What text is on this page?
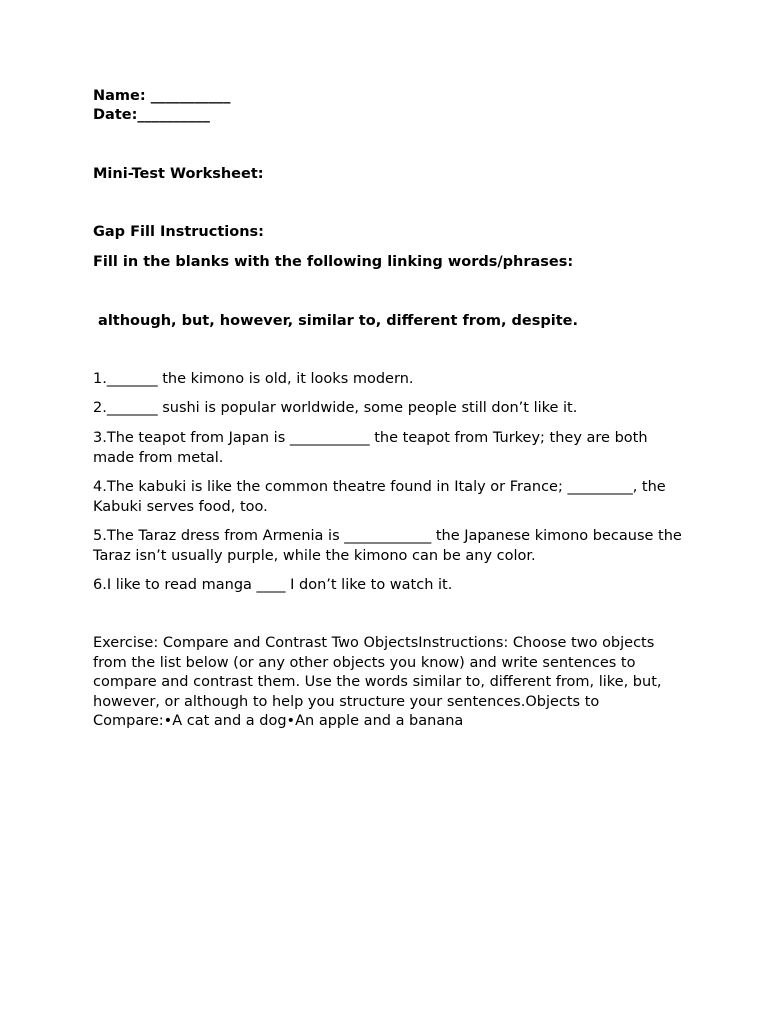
Name: ___________
Date:__________
Mini-Test Worksheet:
Gap Fill Instructions:
Fill in the blanks with the following linking words/phrases:
although, but, however, similar to, different from, despite.
1._______ the kimono is old, it looks modern.
2._______ sushi is popular worldwide, some people still don’t like it.
3.The teapot from Japan is ___________ the teapot from Turkey; they are both made from metal.
4.The kabuki is like the common theatre found in Italy or France; _________, the Kabuki serves food, too.
5.The Taraz dress from Armenia is ____________ the Japanese kimono because the Taraz isn’t usually purple, while the kimono can be any color.
6.I like to read manga ____ I don’t like to watch it.
Exercise: Compare and Contrast Two ObjectsInstructions: Choose two objects from the list below (or any other objects you know) and write sentences to compare and contrast them. Use the words similar to, different from, like, but, however, or although to help you structure your sentences.Objects to Compare:•A cat and a dog•An apple and a banana
